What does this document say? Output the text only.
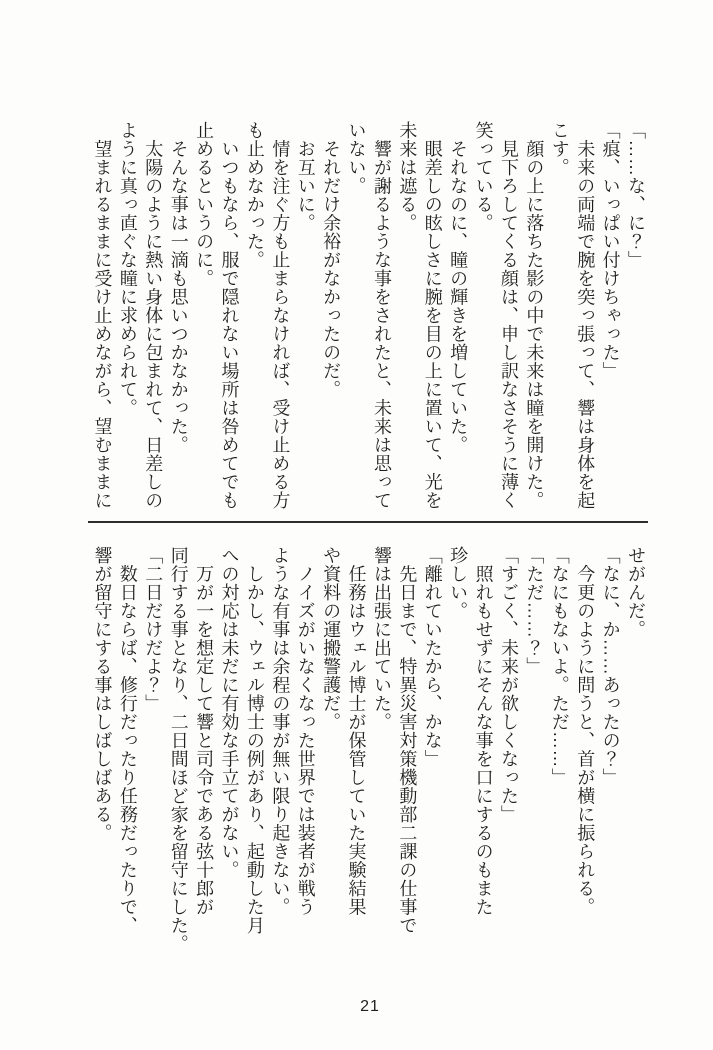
「……な、に？」

「痕、いっぱい付けちゃった」

　未来の両端で腕を突っ張って、響は身体を起

こす。

　顔の上に落ちた影の中で未来は瞳を開けた。

　見下ろしてくる顔は、申し訳なさそうに薄く

笑っている。

　それなのに、瞳の輝きを増していた。

　眼差しの眩しさに腕を目の上に置いて、光を

未来は遮る。

　響が謝るような事をされたと、未来は思って

いない。

　それだけ余裕がなかったのだ。

　お互いに。

　情を注ぐ方も止まらなければ、受け止める方

も止めなかった。

　いつもなら、服で隠れない場所は咎めてでも

止めるというのに。

　そんな事は一滴も思いつかなかった。

　太陽のように熱い身体に包まれて、日差しの

ように真っ直ぐな瞳に求められて。

　望まれるままに受け止めながら、望むままに

せがんだ。

「なに、か……あったの？」

　今更のように問うと、首が横に振られる。

「なにもないよ。ただ……」

「ただ……？」

「すごく、未来が欲しくなった」

　照れもせずにそんな事を口にするのもまた

珍しい。

「離れていたから、かな」

　先日まで、特異災害対策機動部二課の仕事で

響は出張に出ていた。

　任務はウェル博士が保管していた実験結果

や資料の運搬警護だ。

　ノイズがいなくなった世界では装者が戦う

ような有事は余程の事が無い限り起きない。

　しかし、ウェル博士の例があり、起動した月

への対応は未だに有効な手立てがない。

　万が一を想定して響と司令である弦十郎が

同行する事となり、二日間ほど家を留守にした。

「二日だけだよ？」

　数日ならば、修行だったり任務だったりで、

響が留守にする事はしばしばある。

21
